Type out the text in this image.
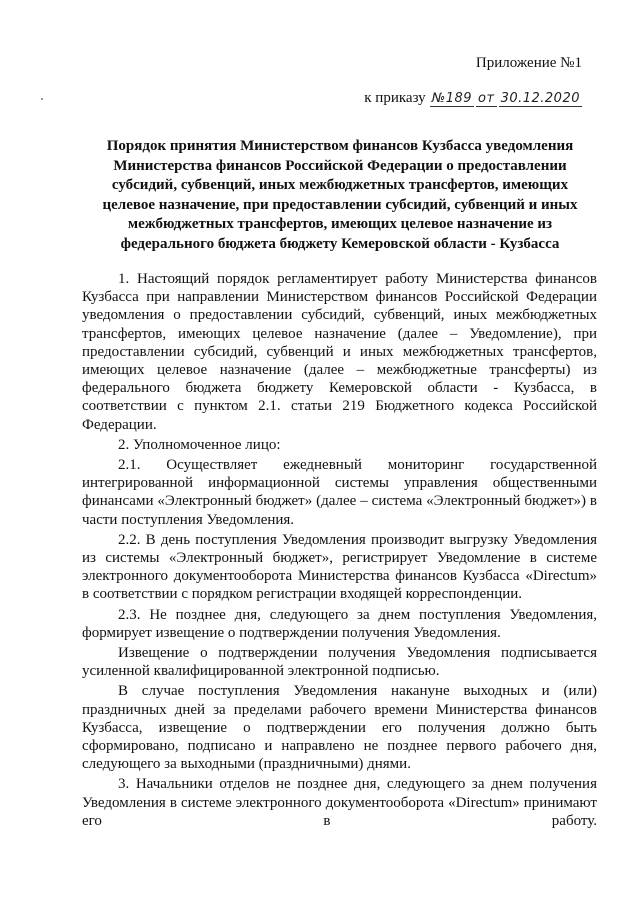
Приложение №1
к приказу №189 от 30.12.2020
Порядок принятия Министерством финансов Кузбасса уведомления Министерства финансов Российской Федерации о предоставлении субсидий, субвенций, иных межбюджетных трансфертов, имеющих целевое назначение, при предоставлении субсидий, субвенций и иных межбюджетных трансфертов, имеющих целевое назначение из федерального бюджета бюджету Кемеровской области - Кузбасса

1. Настоящий порядок регламентирует работу Министерства финансов Кузбасса при направлении Министерством финансов Российской Федерации уведомления о предоставлении субсидий, субвенций, иных межбюджетных трансфертов, имеющих целевое назначение (далее – Уведомление), при предоставлении субсидий, субвенций и иных межбюджетных трансфертов, имеющих целевое назначение (далее – межбюджетные трансферты) из федерального бюджета бюджету Кемеровской области - Кузбасса, в соответствии с пунктом 2.1. статьи 219 Бюджетного кодекса Российской Федерации.

2. Уполномоченное лицо:

2.1. Осуществляет ежедневный мониторинг государственной интегрированной информационной системы управления общественными финансами «Электронный бюджет» (далее – система «Электронный бюджет») в части поступления Уведомления.

2.2. В день поступления Уведомления производит выгрузку Уведомления из системы «Электронный бюджет», регистрирует Уведомление в системе электронного документооборота Министерства финансов Кузбасса «Directum» в соответствии с порядком регистрации входящей корреспонденции.

2.3. Не позднее дня, следующего за днем поступления Уведомления, формирует извещение о подтверждении получения Уведомления.

Извещение о подтверждении получения Уведомления подписывается усиленной квалифицированной электронной подписью.

В случае поступления Уведомления накануне выходных и (или) праздничных дней за пределами рабочего времени Министерства финансов Кузбасса, извещение о подтверждении его получения должно быть сформировано, подписано и направлено не позднее первого рабочего дня, следующего за выходными (праздничными) днями.

3. Начальники отделов не позднее дня, следующего за днем получения Уведомления в системе электронного документооборота «Directum» принимают его в работу.
